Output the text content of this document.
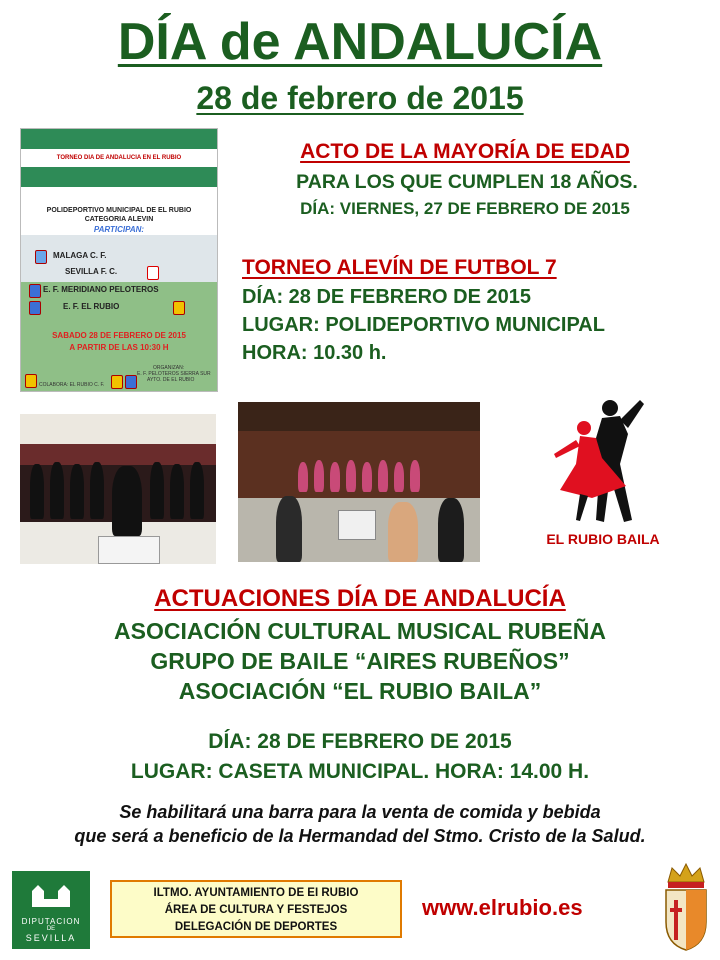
DÍA de ANDALUCÍA
28 de febrero de 2015
TORNEO DIA DE ANDALUCIA EN EL RUBIO
POLIDEPORTIVO MUNICIPAL DE EL RUBIO
CATEGORIA ALEVIN
PARTICIPAN:
MALAGA C. F.
SEVILLA F. C.
E. F. MERIDIANO PELOTEROS
E. F. EL RUBIO
SABADO 28 DE FEBRERO DE 2015
A PARTIR DE LAS 10:30 H
ORGANIZAN:
E. F. PELOTEROS SIERRA SUR
AYTO. DE EL RUBIO
COLABORA: EL RUBIO C. F.
ACTO DE LA MAYORÍA DE EDAD
PARA LOS QUE CUMPLEN 18 AÑOS.
DÍA: VIERNES, 27 DE FEBRERO DE 2015
TORNEO ALEVÍN DE FUTBOL 7
DÍA: 28 DE FEBRERO DE 2015
LUGAR: POLIDEPORTIVO MUNICIPAL
HORA: 10.30 h.
EL RUBIO BAILA
ACTUACIONES DÍA DE ANDALUCÍA
ASOCIACIÓN CULTURAL MUSICAL RUBEÑA
GRUPO DE BAILE “AIRES RUBEÑOS”
ASOCIACIÓN “EL RUBIO BAILA”
DÍA: 28 DE FEBRERO DE 2015
LUGAR: CASETA MUNICIPAL. HORA: 14.00 H.
Se habilitará una barra para la venta de comida y bebida
que será a beneficio de la Hermandad del Stmo. Cristo de la Salud.
DIPUTACION
DE
SEVILLA
ILTMO. AYUNTAMIENTO DE EI RUBIO
ÁREA DE CULTURA Y FESTEJOS
DELEGACIÓN DE DEPORTES
www.elrubio.es
